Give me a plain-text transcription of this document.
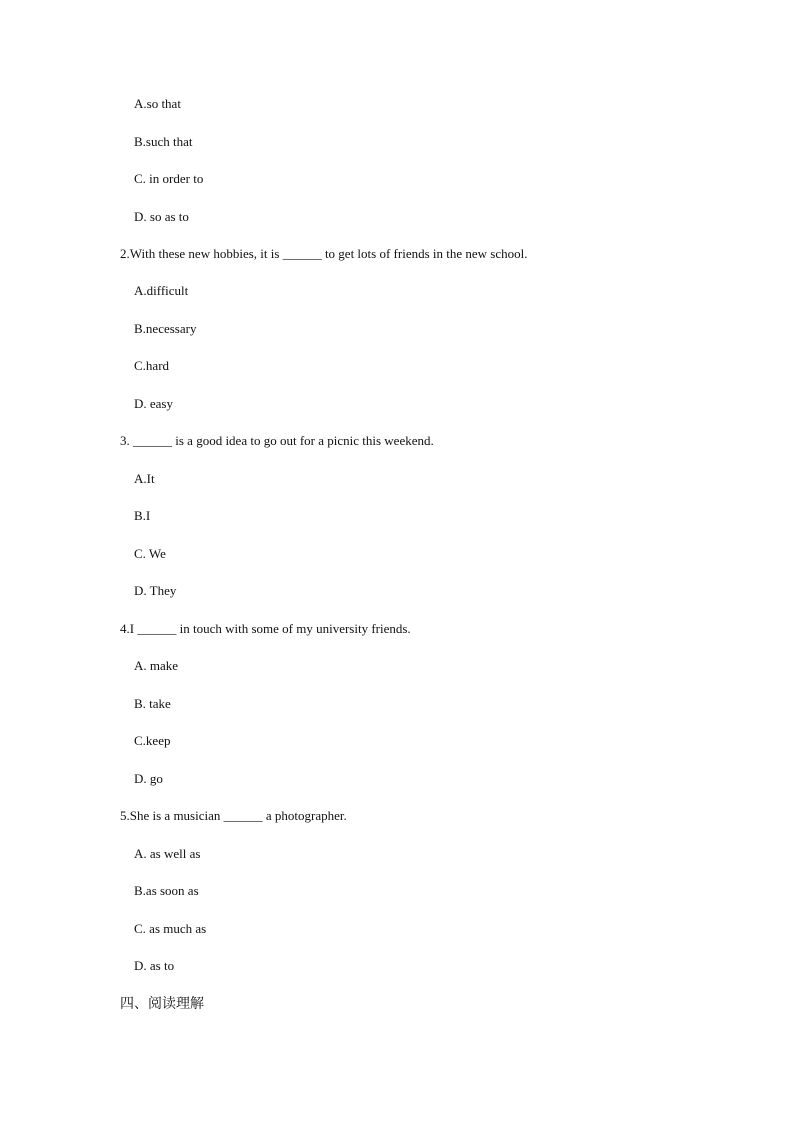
A.so that
B.such that
C. in order to
D. so as to
2.With these new hobbies, it is ______ to get lots of friends in the new school.
A.difficult
B.necessary
C.hard
D. easy
3. ______ is a good idea to go out for a picnic this weekend.
A.It
B.I
C. We
D. They
4.I ______ in touch with some of my university friends.
A. make
B. take
C.keep
D. go
5.She is a musician ______ a photographer.
A. as well as
B.as soon as
C. as much as
D. as to
四、阅读理解
